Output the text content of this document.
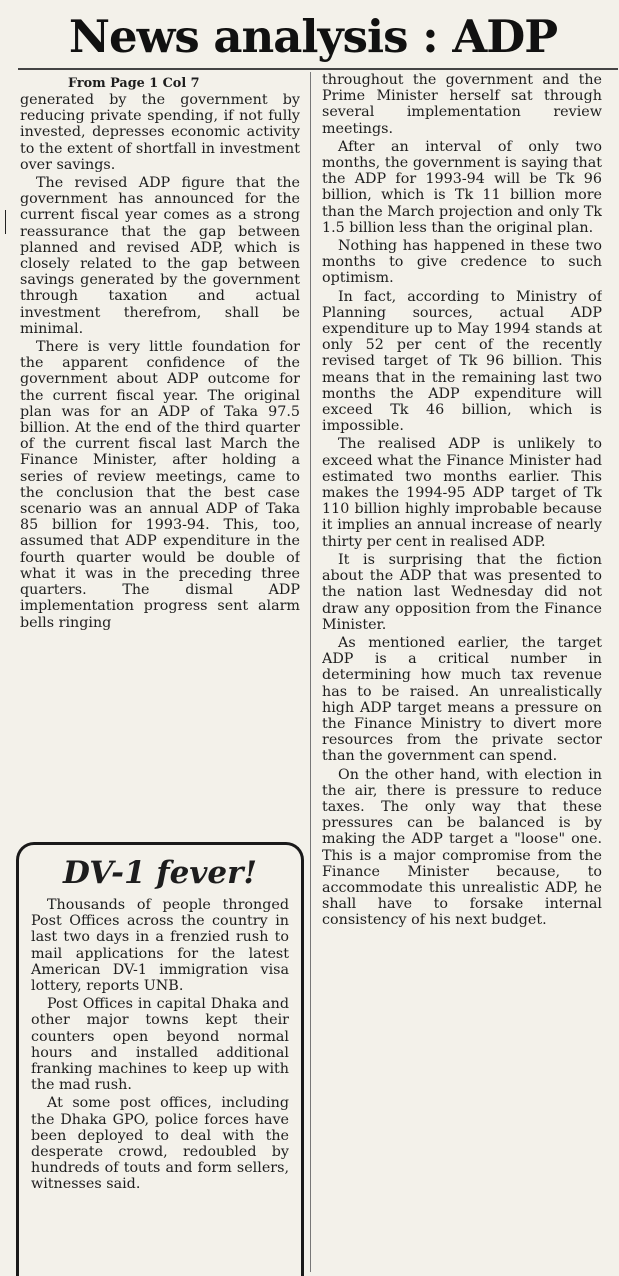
News analysis : ADP
From Page 1 Col 7

generated by the government by reducing private spending, if not fully invested, depresses economic activity to the extent of shortfall in investment over savings.

The revised ADP figure that the government has announced for the current fiscal year comes as a strong reassurance that the gap between planned and revised ADP, which is closely related to the gap between savings generated by the government through taxation and actual investment therefrom, shall be minimal.

There is very little foundation for the apparent confidence of the government about ADP outcome for the current fiscal year. The original plan was for an ADP of Taka 97.5 billion. At the end of the third quarter of the current fiscal last March the Finance Minister, after holding a series of review meetings, came to the conclusion that the best case scenario was an annual ADP of Taka 85 billion for 1993-94. This, too, assumed that ADP expenditure in the fourth quarter would be double of what it was in the preceding three quarters. The dismal ADP implementation progress sent alarm bells ringing

throughout the government and the Prime Minister herself sat through several implementation review meetings.

After an interval of only two months, the government is saying that the ADP for 1993-94 will be Tk 96 billion, which is Tk 11 billion more than the March projection and only Tk 1.5 billion less than the original plan.

Nothing has happened in these two months to give credence to such optimism.

In fact, according to Ministry of Planning sources, actual ADP expenditure up to May 1994 stands at only 52 per cent of the recently revised target of Tk 96 billion. This means that in the remaining last two months the ADP expenditure will exceed Tk 46 billion, which is impossible.

The realised ADP is unlikely to exceed what the Finance Minister had estimated two months earlier. This makes the 1994-95 ADP target of Tk 110 billion highly improbable because it implies an annual increase of nearly thirty per cent in realised ADP.

It is surprising that the fiction about the ADP that was presented to the nation last Wednesday did not draw any opposition from the Finance Minister.

As mentioned earlier, the target ADP is a critical number in determining how much tax revenue has to be raised. An unrealistically high ADP target means a pressure on the Finance Ministry to divert more resources from the private sector than the government can spend.

On the other hand, with election in the air, there is pressure to reduce taxes. The only way that these pressures can be balanced is by making the ADP target a "loose" one. This is a major compromise from the Finance Minister because, to accommodate this unrealistic ADP, he shall have to forsake internal consistency of his next budget.

DV-1 fever!

Thousands of people thronged Post Offices across the country in last two days in a frenzied rush to mail applications for the latest American DV-1 immigration visa lottery, reports UNB.

Post Offices in capital Dhaka and other major towns kept their counters open beyond normal hours and installed additional franking machines to keep up with the mad rush.

At some post offices, including the Dhaka GPO, police forces have been deployed to deal with the desperate crowd, redoubled by hundreds of touts and form sellers, witnesses said.
